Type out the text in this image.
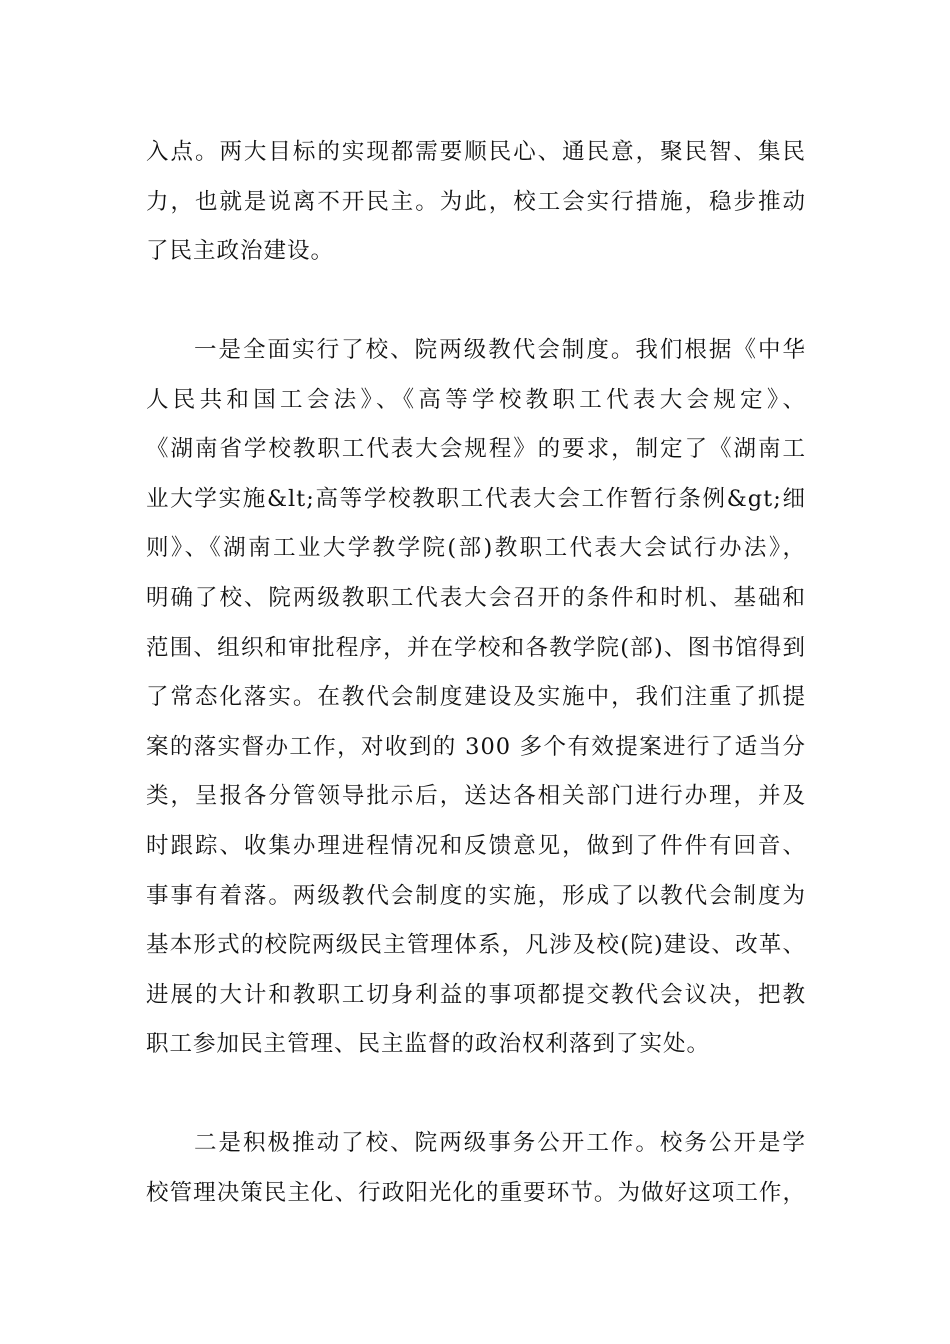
入点。两大目标的实现都需要顺民心、通民意，聚民智、集民
力，也就是说离不开民主。为此，校工会实行措施，稳步推动
了民主政治建设。
一是全面实行了校、院两级教代会制度。我们根据《中华
人民共和国工会法》、《高等学校教职工代表大会规定》、
《湖南省学校教职工代表大会规程》的要求，制定了《湖南工
业大学实施&lt;高等学校教职工代表大会工作暂行条例&gt;细
则》、《湖南工业大学教学院(部)教职工代表大会试行办法》，
明确了校、院两级教职工代表大会召开的条件和时机、基础和
范围、组织和审批程序，并在学校和各教学院(部)、图书馆得到
了常态化落实。在教代会制度建设及实施中，我们注重了抓提
案的落实督办工作，对收到的 300 多个有效提案进行了适当分
类，呈报各分管领导批示后，送达各相关部门进行办理，并及
时跟踪、收集办理进程情况和反馈意见，做到了件件有回音、
事事有着落。两级教代会制度的实施，形成了以教代会制度为
基本形式的校院两级民主管理体系，凡涉及校(院)建设、改革、
进展的大计和教职工切身利益的事项都提交教代会议决，把教
职工参加民主管理、民主监督的政治权利落到了实处。
二是积极推动了校、院两级事务公开工作。校务公开是学
校管理决策民主化、行政阳光化的重要环节。为做好这项工作，
